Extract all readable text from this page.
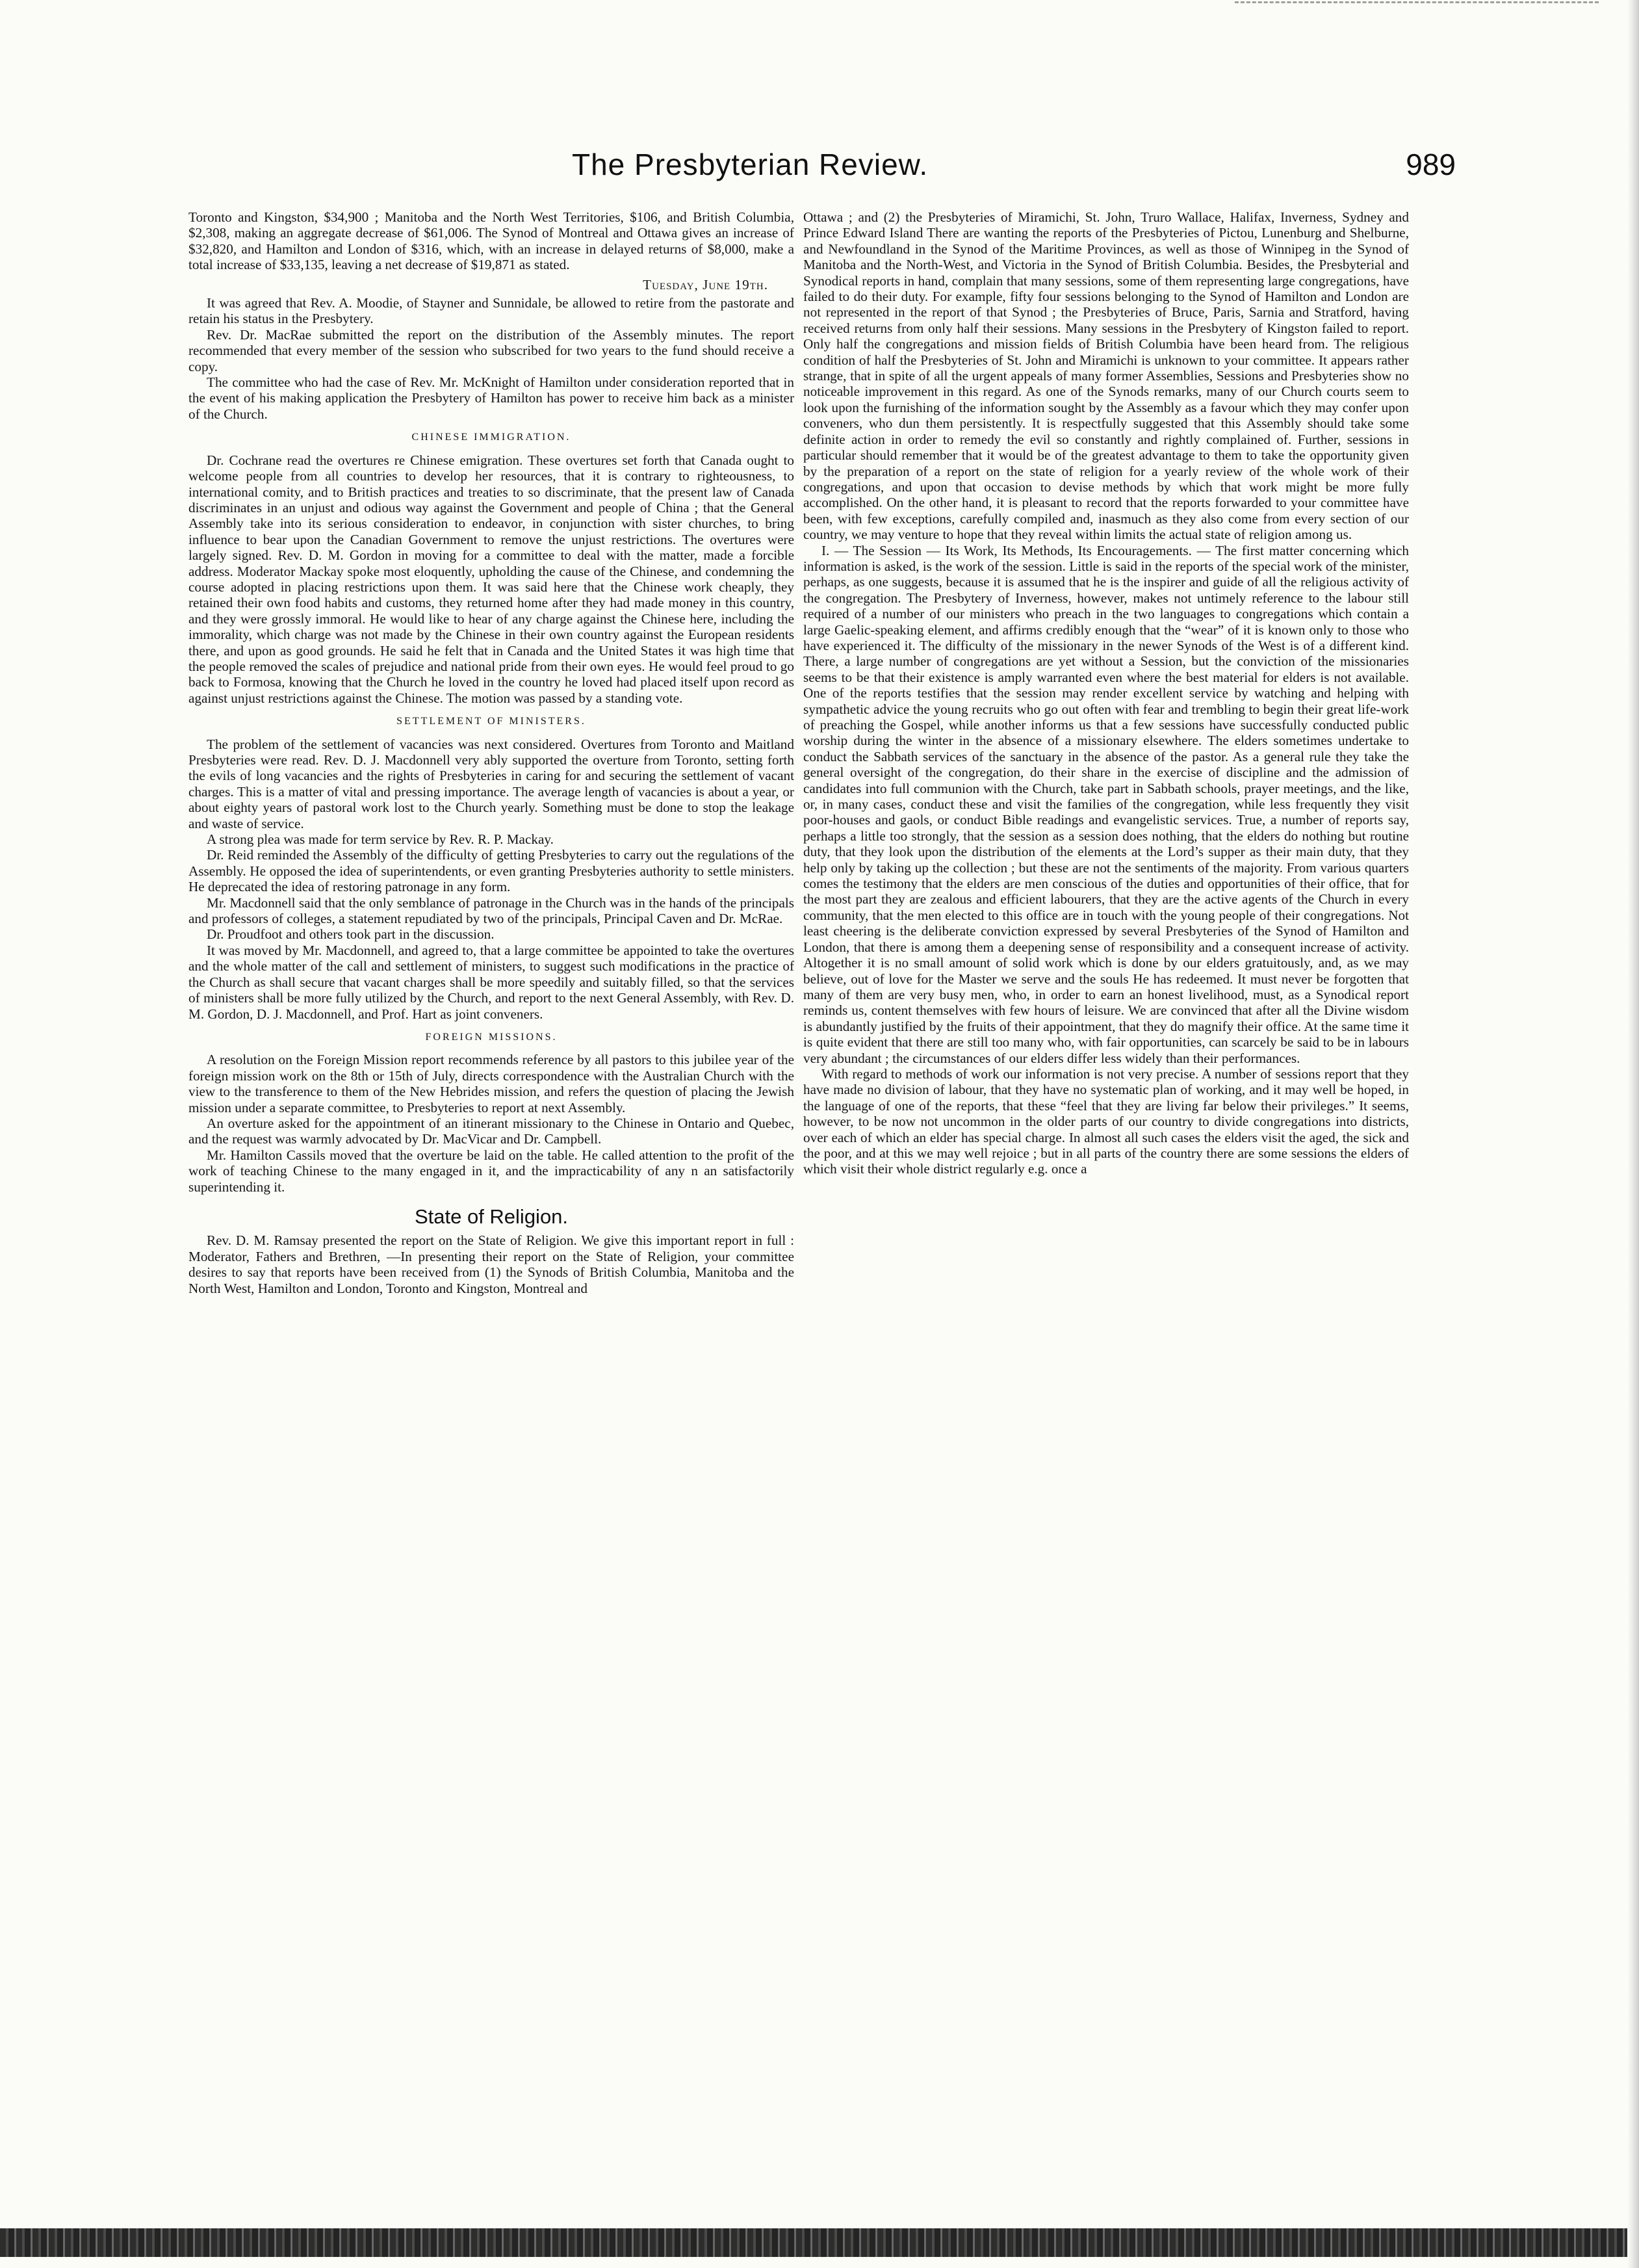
The Presbyterian Review.	989

Toronto and Kingston, $34,900 ; Manitoba and the North West Territories, $106, and British Columbia, $2,308, making an aggregate decrease of $61,006. The Synod of Montreal and Ottawa gives an increase of $32,820, and Hamilton and London of $316, which, with an increase in delayed returns of $8,000, make a total increase of $33,135, leaving a net decrease of $19,871 as stated.

Tuesday, June 19th.

It was agreed that Rev. A. Moodie, of Stayner and Sunnidale, be allowed to retire from the pastorate and retain his status in the Presbytery.

Rev. Dr. MacRae submitted the report on the distribution of the Assembly minutes. The report recommended that every member of the session who subscribed for two years to the fund should receive a copy.

The committee who had the case of Rev. Mr. McKnight of Hamilton under consideration reported that in the event of his making application the Presbytery of Hamilton has power to receive him back as a minister of the Church.

CHINESE IMMIGRATION.

Dr. Cochrane read the overtures re Chinese emigration. These overtures set forth that Canada ought to welcome people from all countries to develop her resources, that it is contrary to righteousness, to international comity, and to British practices and treaties to so discriminate, that the present law of Canada discriminates in an unjust and odious way against the Government and people of China ; that the General Assembly take into its serious consideration to endeavor, in conjunction with sister churches, to bring influence to bear upon the Canadian Government to remove the unjust restrictions. The overtures were largely signed. Rev. D. M. Gordon in moving for a committee to deal with the matter, made a forcible address. Moderator Mackay spoke most eloquently, upholding the cause of the Chinese, and condemning the course adopted in placing restrictions upon them. It was said here that the Chinese work cheaply, they retained their own food habits and customs, they returned home after they had made money in this country, and they were grossly immoral. He would like to hear of any charge against the Chinese here, including the immorality, which charge was not made by the Chinese in their own country against the European residents there, and upon as good grounds. He said he felt that in Canada and the United States it was high time that the people removed the scales of prejudice and national pride from their own eyes. He would feel proud to go back to Formosa, knowing that the Church he loved in the country he loved had placed itself upon record as against unjust restrictions against the Chinese. The motion was passed by a standing vote.

SETTLEMENT OF MINISTERS.

The problem of the settlement of vacancies was next considered. Overtures from Toronto and Maitland Presbyteries were read. Rev. D. J. Macdonnell very ably supported the overture from Toronto, setting forth the evils of long vacancies and the rights of Presbyteries in caring for and securing the settlement of vacant charges. This is a matter of vital and pressing importance. The average length of vacancies is about a year, or about eighty years of pastoral work lost to the Church yearly. Something must be done to stop the leakage and waste of service.

A strong plea was made for term service by Rev. R. P. Mackay.

Dr. Reid reminded the Assembly of the difficulty of getting Presbyteries to carry out the regulations of the Assembly. He opposed the idea of superintendents, or even granting Presbyteries authority to settle ministers. He deprecated the idea of restoring patronage in any form.

Mr. Macdonnell said that the only semblance of patronage in the Church was in the hands of the principals and professors of colleges, a statement repudiated by two of the principals, Principal Caven and Dr. McRae.

Dr. Proudfoot and others took part in the discussion.

It was moved by Mr. Macdonnell, and agreed to, that a large committee be appointed to take the overtures and the whole matter of the call and settlement of ministers, to suggest such modifications in the practice of the Church as shall secure that vacant charges shall be more speedily and suitably filled, so that the services of ministers shall be more fully utilized by the Church, and report to the next General Assembly, with Rev. D. M. Gordon, D. J. Macdonnell, and Prof. Hart as joint conveners.

FOREIGN MISSIONS.

A resolution on the Foreign Mission report recommends reference by all pastors to this jubilee year of the foreign mission work on the 8th or 15th of July, directs correspondence with the Australian Church with the view to the transference to them of the New Hebrides mission, and refers the question of placing the Jewish mission under a separate committee, to Presbyteries to report at next Assembly.

An overture asked for the appointment of an itinerant missionary to the Chinese in Ontario and Quebec, and the request was warmly advocated by Dr. MacVicar and Dr. Campbell.

Mr. Hamilton Cassils moved that the overture be laid on the table. He called attention to the profit of the work of teaching Chinese to the many engaged in it, and the impracticability of any n an satisfactorily superintending it.

State of Religion.

Rev. D. M. Ramsay presented the report on the State of Religion. We give this important report in full : Moderator, Fathers and Brethren, —In presenting their report on the State of Religion, your committee desires to say that reports have been received from (1) the Synods of British Columbia, Manitoba and the North West, Hamilton and London, Toronto and Kingston, Montreal and

Ottawa ; and (2) the Presbyteries of Miramichi, St. John, Truro Wallace, Halifax, Inverness, Sydney and Prince Edward Island There are wanting the reports of the Presbyteries of Pictou, Lunenburg and Shelburne, and Newfoundland in the Synod of the Maritime Provinces, as well as those of Winnipeg in the Synod of Manitoba and the North-West, and Victoria in the Synod of British Columbia. Besides, the Presbyterial and Synodical reports in hand, complain that many sessions, some of them representing large congregations, have failed to do their duty. For example, fifty four sessions belonging to the Synod of Hamilton and London are not represented in the report of that Synod ; the Presbyteries of Bruce, Paris, Sarnia and Stratford, having received returns from only half their sessions. Many sessions in the Presbytery of Kingston failed to report. Only half the congregations and mission fields of British Columbia have been heard from. The religious condition of half the Presbyteries of St. John and Miramichi is unknown to your committee. It appears rather strange, that in spite of all the urgent appeals of many former Assemblies, Sessions and Presbyteries show no noticeable improvement in this regard. As one of the Synods remarks, many of our Church courts seem to look upon the furnishing of the information sought by the Assembly as a favour which they may confer upon conveners, who dun them persistently. It is respectfully suggested that this Assembly should take some definite action in order to remedy the evil so constantly and rightly complained of. Further, sessions in particular should remember that it would be of the greatest advantage to them to take the opportunity given by the preparation of a report on the state of religion for a yearly review of the whole work of their congregations, and upon that occasion to devise methods by which that work might be more fully accomplished. On the other hand, it is pleasant to record that the reports forwarded to your committee have been, with few exceptions, carefully compiled and, inasmuch as they also come from every section of our country, we may venture to hope that they reveal within limits the actual state of religion among us.

I. — The Session — Its Work, Its Methods, Its Encouragements. — The first matter concerning which information is asked, is the work of the session. Little is said in the reports of the special work of the minister, perhaps, as one suggests, because it is assumed that he is the inspirer and guide of all the religious activity of the congregation. The Presbytery of Inverness, however, makes not untimely reference to the labour still required of a number of our ministers who preach in the two languages to congregations which contain a large Gaelic-speaking element, and affirms credibly enough that the “wear” of it is known only to those who have experienced it. The difficulty of the missionary in the newer Synods of the West is of a different kind. There, a large number of congregations are yet without a Session, but the conviction of the missionaries seems to be that their existence is amply warranted even where the best material for elders is not available. One of the reports testifies that the session may render excellent service by watching and helping with sympathetic advice the young recruits who go out often with fear and trembling to begin their great life-work of preaching the Gospel, while another informs us that a few sessions have successfully conducted public worship during the winter in the absence of a missionary elsewhere. The elders sometimes undertake to conduct the Sabbath services of the sanctuary in the absence of the pastor. As a general rule they take the general oversight of the congregation, do their share in the exercise of discipline and the admission of candidates into full communion with the Church, take part in Sabbath schools, prayer meetings, and the like, or, in many cases, conduct these and visit the families of the congregation, while less frequently they visit poor-houses and gaols, or conduct Bible readings and evangelistic services. True, a number of reports say, perhaps a little too strongly, that the session as a session does nothing, that the elders do nothing but routine duty, that they look upon the distribution of the elements at the Lord’s supper as their main duty, that they help only by taking up the collection ; but these are not the sentiments of the majority. From various quarters comes the testimony that the elders are men conscious of the duties and opportunities of their office, that for the most part they are zealous and efficient labourers, that they are the active agents of the Church in every community, that the men elected to this office are in touch with the young people of their congregations. Not least cheering is the deliberate conviction expressed by several Presbyteries of the Synod of Hamilton and London, that there is among them a deepening sense of responsibility and a consequent increase of activity. Altogether it is no small amount of solid work which is done by our elders gratuitously, and, as we may believe, out of love for the Master we serve and the souls He has redeemed. It must never be forgotten that many of them are very busy men, who, in order to earn an honest livelihood, must, as a Synodical report reminds us, content themselves with few hours of leisure. We are convinced that after all the Divine wisdom is abundantly justified by the fruits of their appointment, that they do magnify their office. At the same time it is quite evident that there are still too many who, with fair opportunities, can scarcely be said to be in labours very abundant ; the circumstances of our elders differ less widely than their performances.

With regard to methods of work our information is not very precise. A number of sessions report that they have made no division of labour, that they have no systematic plan of working, and it may well be hoped, in the language of one of the reports, that these “feel that they are living far below their privileges.” It seems, however, to be now not uncommon in the older parts of our country to divide congregations into districts, over each of which an elder has special charge. In almost all such cases the elders visit the aged, the sick and the poor, and at this we may well rejoice ; but in all parts of the country there are some sessions the elders of which visit their whole district regularly e.g. once a
